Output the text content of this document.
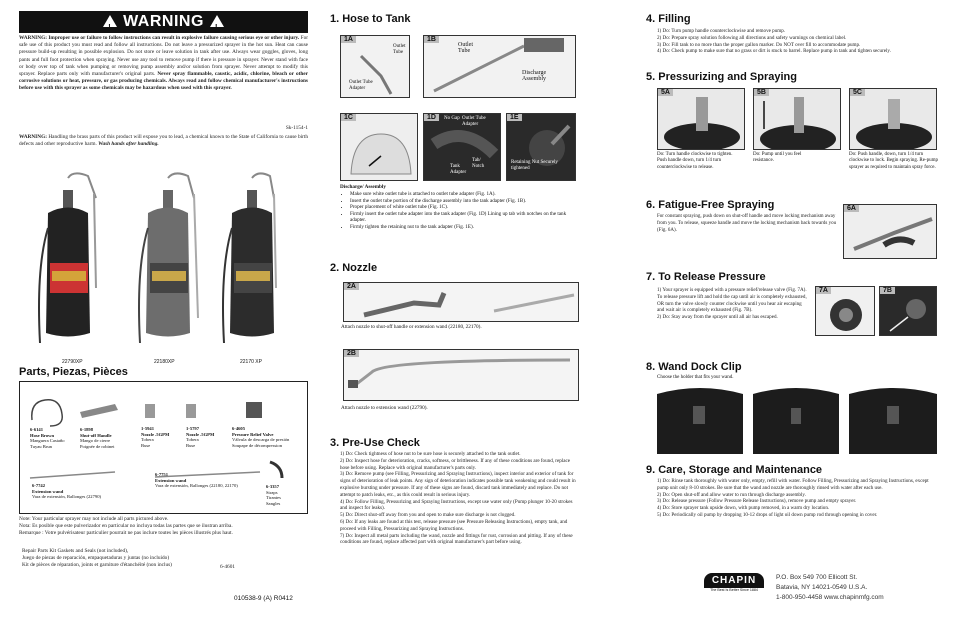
! WARNING !
WARNING: Improper use or failure to follow instructions can result in explosive failure causing serious eye or other injury. For safe use of this product you must read and follow all instructions. Do not leave a pressurized sprayer in the hot sun. Heat can cause pressure build-up resulting in possible explosion. Do not store or leave solution in tank after use. Always wear goggles, gloves, long pants and full foot protection when spraying. Never use any tool to remove pump if there is pressure in sprayer. Never stand with face or body over top of tank when pumping or removing pump assembly and/or solution from sprayer. Never attempt to modify this sprayer. Replace parts only with manufacturer's original parts. Never spray flammable, caustic, acidic, chlorine, bleach or other corrosive solutions or heat, pressure, or gas producing chemicals. Always read and follow chemical manufacturer's instructions before use with this sprayer as some chemicals may be hazardous when used with this sprayer.
Sk-1154-1
WARNING: Handling the brass parts of this product will expose you to lead, a chemical known to the State of California to cause birth defects and other reproductive harm. Wash hands after handling.
22790XP	22180XP	22170 XP
Parts, Piezas, Pièces
6-6141
Hose Brown
Manguera Castaño
Tuyau Brun
6-1898
Shut-off Handle
Mango de cierre
Poignée de robinet
1-5941
Nozzle .5GPM
Tobera
Buse
1-5797
Nozzle .5GPM
Tobera
Buse
6-4605
Pressure Relief Valve
Válvula de descarga de presión
Soupape de décompression
6-7742
Extension wand
Vara de extensión, Rallonges (22790)
6-7751
Extension wand
Vara de extensión, Rallonges (22180, 22170)	6-3357
Straps
Tirantes
Sangles
Note: Your particular sprayer may not include all parts pictured above.
Nota: Es posible que este pulverizador en particular no incluya todas las partes que se ilustran arriba.
Remarque : Votre pulvérisateur particulier pourrait ne pas inclure toutes les pièces illustrés plus haut.
Repair Parts Kit Gaskets and Seals (not included),
Juego de piezas de reparación, empaquetaduras y juntas (no incluido)
Kit de pièces de réparation, joints et garniture d'étanchéité (non inclus)	6-4601
010538-9 (A) R0412
1. Hose to Tank
1A
Outlet Tube
Outlet Tube Adapter
1B
Outlet Tube
Discharge Assembly
1C	1D	No Gap Outlet Tube Adapter
Tank Adapter
Tab/ Notch
1E
Retaining Nut Securely tightened
Discharge/ Assembly
• Make sure white outlet tube is attached to outlet tube adapter (Fig. 1A).
• Insert the outlet tube portion of the discharge assembly into the tank adapter (Fig. 1B).
• Proper placement of white outlet tube (Fig. 1C).
• Firmly insert the outlet tube adapter into the tank adapter (Fig. 1D) Lining up tab with notches on the tank adapter.
• Firmly tighten the retaining nut to the tank adapter (Fig. 1E).
2. Nozzle
2A
Attach nozzle to shut-off handle or extension wand (22180, 22170).
2B
Attach nozzle to extension wand (22790).
3. Pre-Use Check
1) Do: Check tightness of hose nut to be sure hose is securely attached to the tank outlet.
2) Do: Inspect hose for deterioration, cracks, softness, or brittleness. If any of these conditions are found, replace hose before using. Replace with original manufacturer's parts only.
3) Do: Remove pump (see Filling, Pressurizing and Spraying Instructions), inspect interior and exterior of tank for signs of deterioration of leak points. Any sign of deterioration indicates possible tank weakening and could result in explosive bursting under pressure. If any of these signs are found, discard tank immediately and replace. Do not attempt to patch leaks, etc., as this could result in serious injury.
4) Do: Follow Filling, Pressurizing and Spraying Instructions, except use water only (Pump plunger 10-20 strokes and inspect for leaks).
5) Do: Direct shut-off away from you and open to make sure discharge is not clogged.
6) Do: If any leaks are found at this test, release pressure (see Pressure Releasing Instructions), empty tank, and proceed with Filling, Pressurizing and Spraying Instructions.
7) Do: Inspect all metal parts including the wand, nozzle and fittings for rust, corrosion and pitting. If any of these conditions are found, replace affected part with original manufacturer's part before using.
4. Filling
1) Do: Turn pump handle counterclockwise and remove pump.
2) Do: Prepare spray solution following all directions and safety warnings on chemical label.
3) Do: Fill tank to no more than the proper gallon marker. Do NOT over fill to accommodate pump.
4) Do: Check pump to make sure that no grass or dirt is stuck to barrel. Replace pump in tank and tighten securely.
5. Pressurizing and Spraying
5A	5B	5C
Do: Turn handle clockwise to tighten. Push handle down, turn 1/4 turn counterclockwise to release.
Do: Pump until you feel resistance.
Do: Push handle, down, turn 1/4 turn clockwise to lock. Begin spraying. Re-pump sprayer as required to maintain spray force.
6. Fatigue-Free Spraying
For constant spraying, push down on shut-off handle and move locking mechanism away from you. To release, squeeze handle and move the locking mechanism back towards you (Fig. 6A).
6A
7. To Release Pressure
1) Your sprayer is equipped with a pressure relief/release valve (Fig. 7A). To release pressure lift and hold the cap until air is completely exhausted, OR turn the valve slowly counter clockwise until you hear air escaping and wait air is completely exhausted (Fig. 7B).
2) Do: Stay away from the sprayer until all air has escaped.
7A	7B
8. Wand Dock Clip
Choose the holder that fits your wand.
9. Care, Storage and Maintenance
1) Do: Rinse tank thoroughly with water only, empty, refill with water. Follow Filling, Pressurizing and Spraying Instructions, except pump unit only 8-10 strokes. Be sure that the wand and nozzle are thoroughly rinsed with water after each use.
2) Do: Open shut-off and allow water to run through discharge assembly.
3) Do: Release pressure (Follow Pressure Release Instructions), remove pump and empty sprayer.
4) Do: Store sprayer tank upside down, with pump removed, in a warm dry location.
5) Do: Periodically oil pump by dropping 10-12 drops of light oil down pump rod through opening in cover.
CHAPIN
The Best Is Better Since 1884
P.O. Box 549 700 Ellicott St.
Batavia, NY 14021-0549 U.S.A.
1-800-950-4458 www.chapinmfg.com
